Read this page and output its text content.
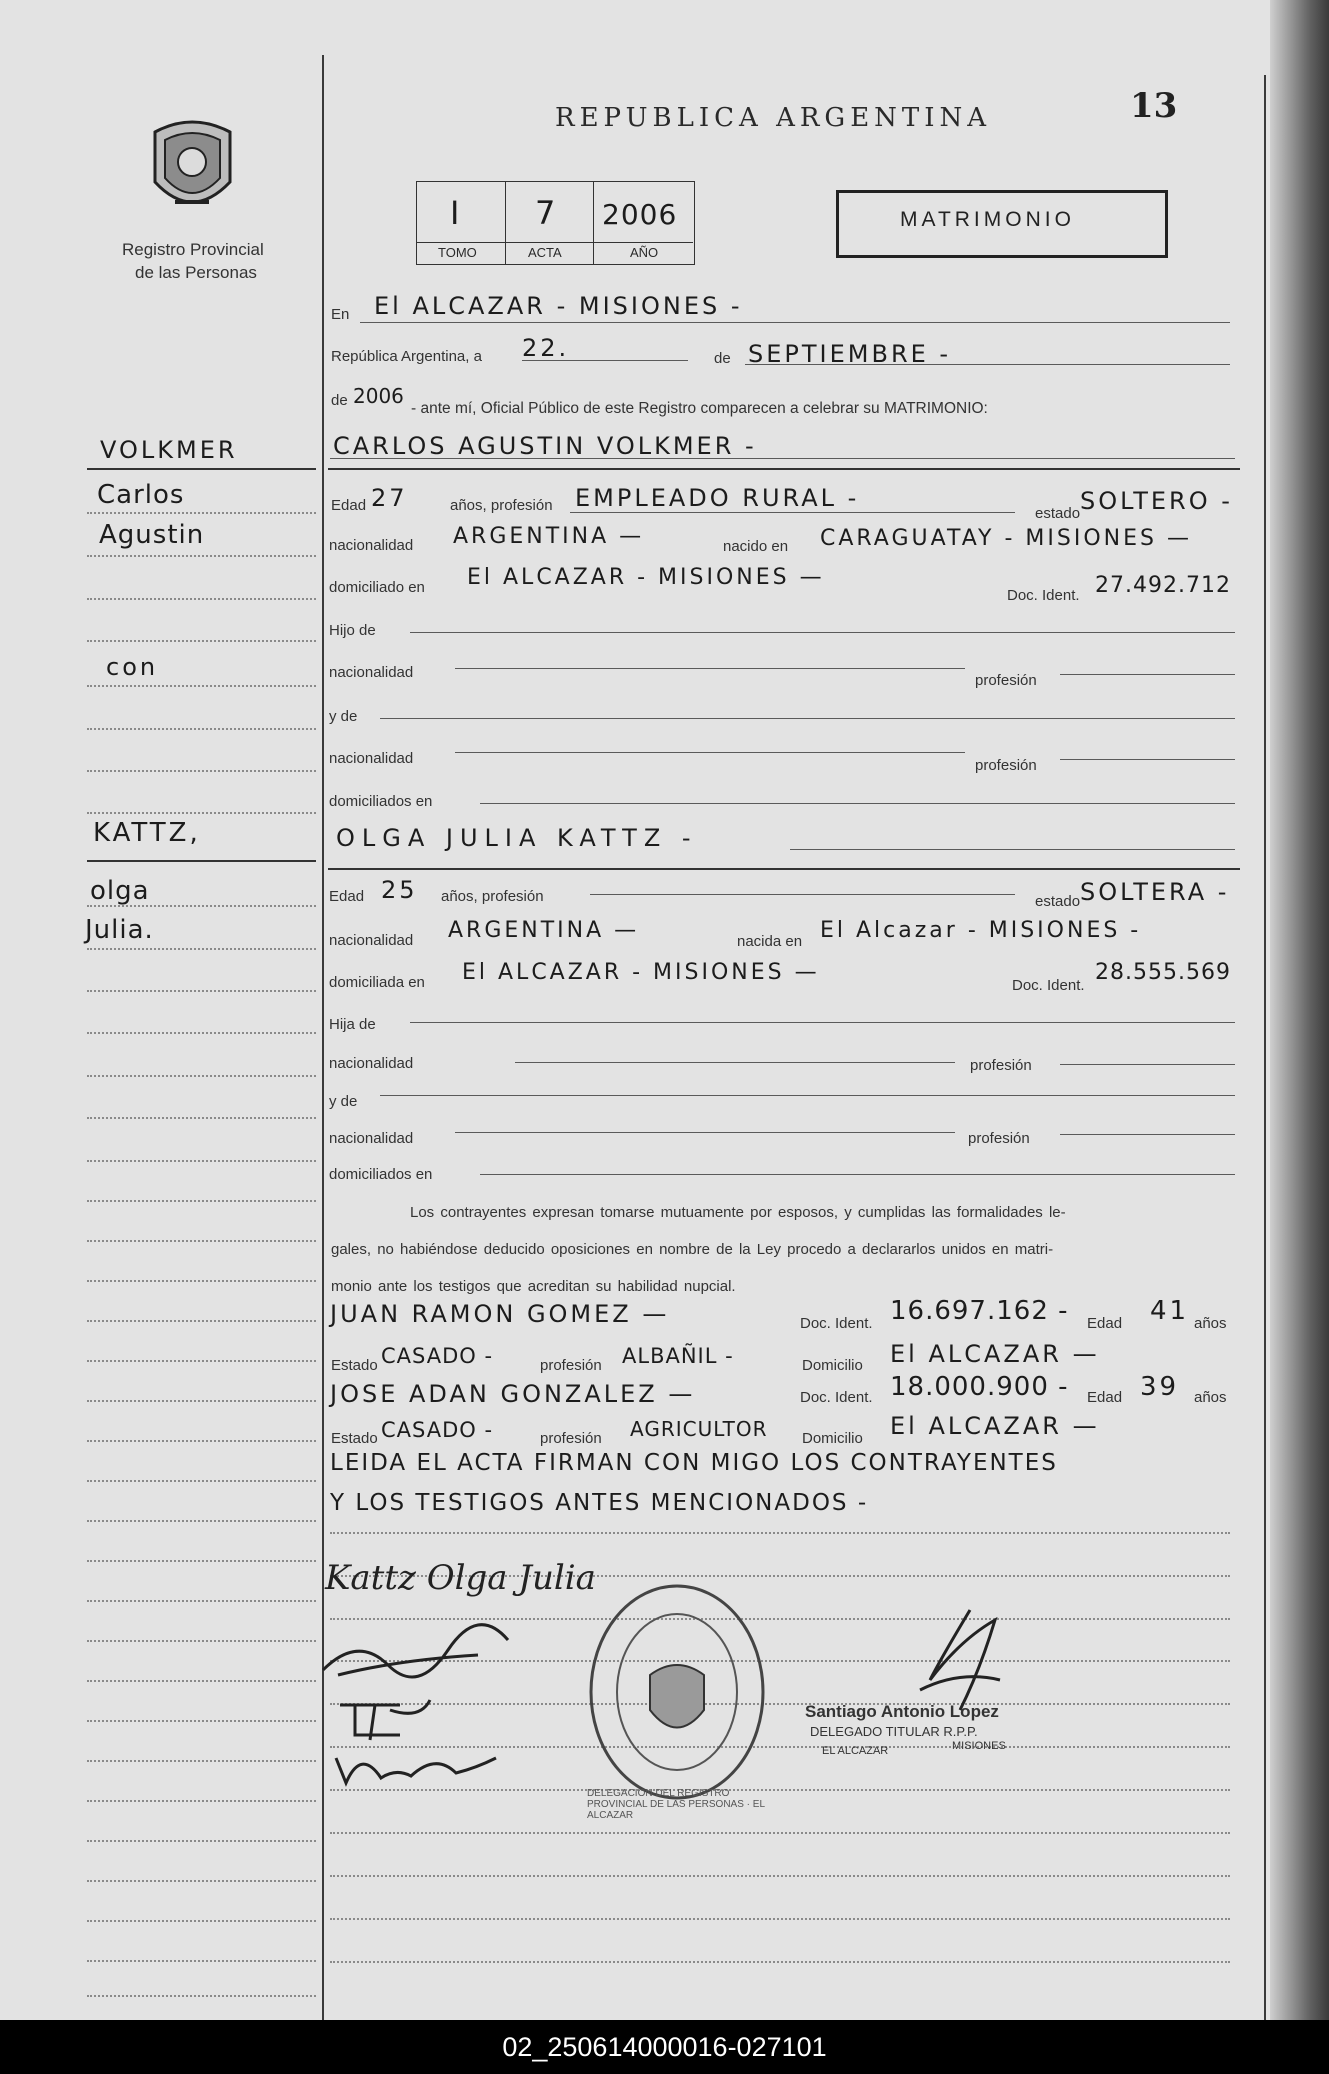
Registro Provincial
de las Personas
REPUBLICA ARGENTINA	13
I 7 2006
TOMO	ACTA	AÑO
MATRIMONIO
VOLKMER
Carlos
Agustin
con
KATTZ,
olga
Julia.
En El ALCAZAR - MISIONES -
República Argentina, a 22.	de SEPTIEMBRE -
de 2006
- ante mí, Oficial Público de este Registro comparecen a celebrar su MATRIMONIO:
CARLOS AGUSTIN VOLKMER -
Edad 27	años, profesión EMPLEADO RURAL -
estado SOLTERO -
nacionalidad ARGENTINA —	nacido en CARAGUATAY - MISIONES —
domiciliado en El ALCAZAR - MISIONES —
Doc. Ident. 27.492.712
Hijo de
nacionalidad	profesión
y de
nacionalidad	profesión
domiciliados en
OLGA JULIA KATTZ -
Edad 25 años, profesión	estado SOLTERA -
nacionalidad ARGENTINA —	nacida en El Alcazar - MISIONES -
domiciliada en El ALCAZAR - MISIONES —
Doc. Ident.
28.555.569
Hija de
nacionalidad	profesión
y de
nacionalidad	profesión
domiciliados en
Los contrayentes expresan tomarse mutuamente por esposos, y cumplidas las formalidades le-
gales, no habiéndose deducido oposiciones en nombre de la Ley procedo a declararlos unidos en matri-
monio ante los testigos que acreditan su habilidad nupcial.
JUAN RAMON GOMEZ —	Doc. Ident. 16.697.162 - Edad 41 años
Estado CASADO -	profesión ALBAÑIL -	Domicilio El ALCAZAR —
JOSE ADAN GONZALEZ —	Doc. Ident. 18.000.900 - Edad 39 años
Estado CASADO -	profesión AGRICULTOR Domicilio El ALCAZAR —
LEIDA EL ACTA FIRMAN CON MIGO LOS CONTRAYENTES
Y LOS TESTIGOS ANTES MENCIONADOS -
Kattz Olga Julia
DELEGACION DEL REGISTRO PROVINCIAL DE LAS PERSONAS · EL ALCAZAR
Santiago Antonio Lopez
DELEGADO TITULAR R.P.P.
EL ALCAZAR	MISIONES
02_250614000016-027101
